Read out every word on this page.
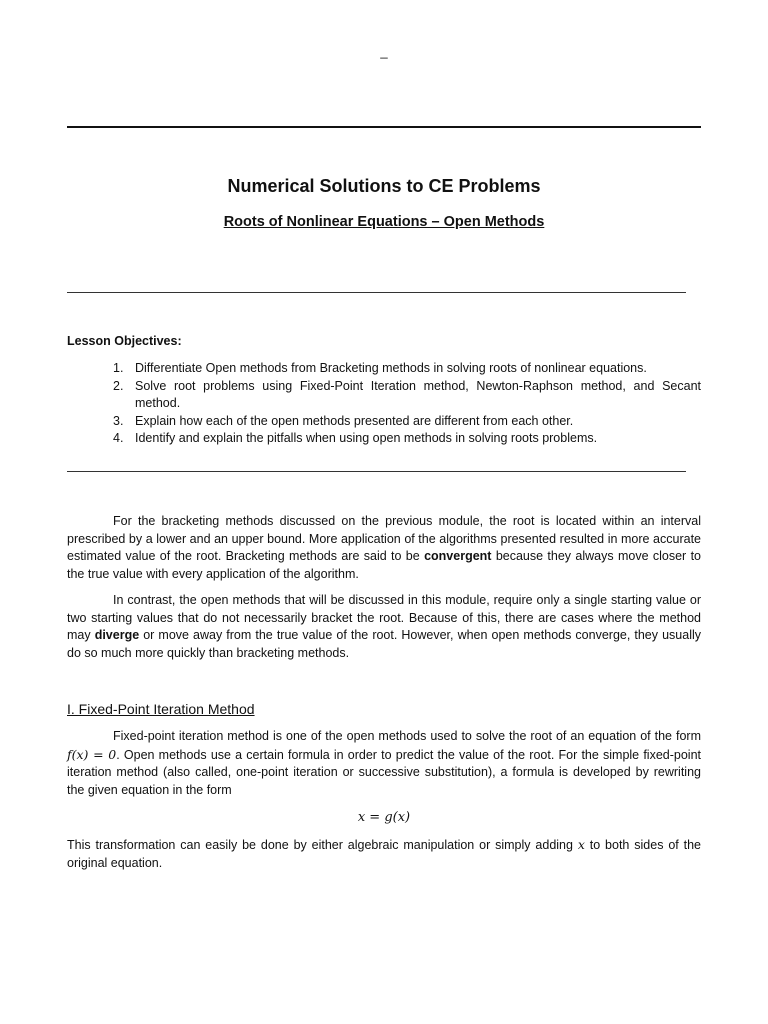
_
Numerical Solutions to CE Problems
Roots of Nonlinear Equations – Open Methods
Lesson Objectives:
1. Differentiate Open methods from Bracketing methods in solving roots of nonlinear equations.
2. Solve root problems using Fixed-Point Iteration method, Newton-Raphson method, and Secant method.
3. Explain how each of the open methods presented are different from each other.
4. Identify and explain the pitfalls when using open methods in solving roots problems.

For the bracketing methods discussed on the previous module, the root is located within an interval prescribed by a lower and an upper bound. More application of the algorithms presented resulted in more accurate estimated value of the root. Bracketing methods are said to be convergent because they always move closer to the true value with every application of the algorithm.

In contrast, the open methods that will be discussed in this module, require only a single starting value or two starting values that do not necessarily bracket the root. Because of this, there are cases where the method may diverge or move away from the true value of the root. However, when open methods converge, they usually do so much more quickly than bracketing methods.

I. Fixed-Point Iteration Method

Fixed-point iteration method is one of the open methods used to solve the root of an equation of the form f(x) = 0. Open methods use a certain formula in order to predict the value of the root. For the simple fixed-point iteration method (also called, one-point iteration or successive substitution), a formula is developed by rewriting the given equation in the form

x = g(x)

This transformation can easily be done by either algebraic manipulation or simply adding x to both sides of the original equation.
